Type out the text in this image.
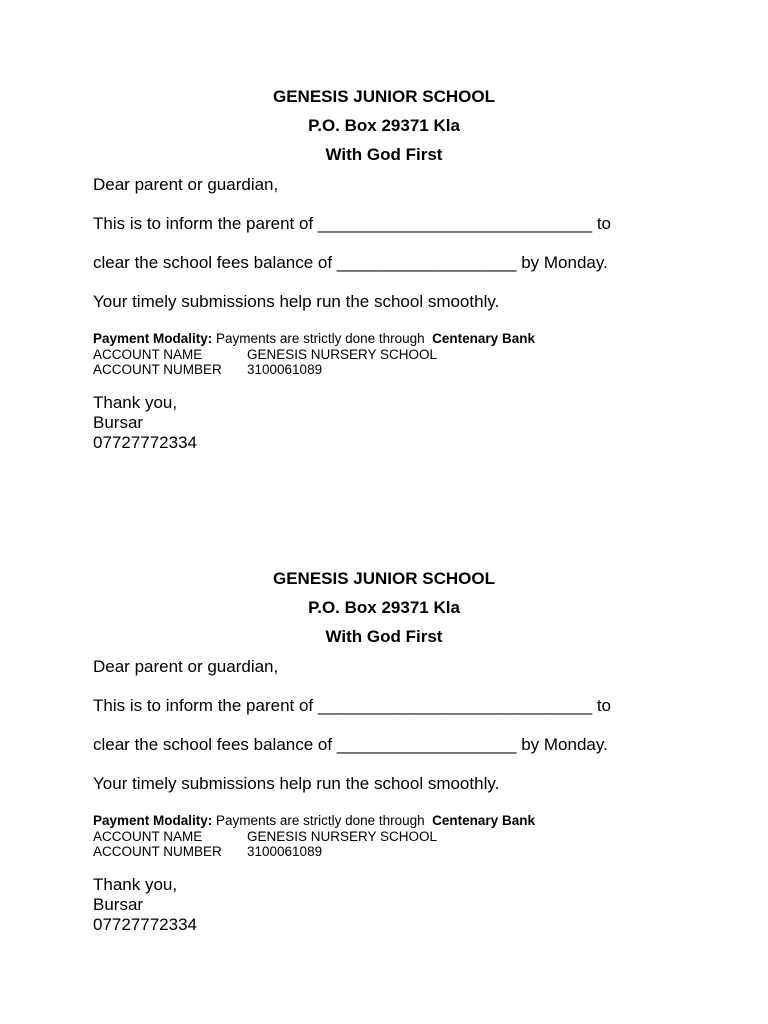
GENESIS JUNIOR SCHOOL

P.O. Box 29371 Kla

With God First

Dear parent or guardian,

This is to inform the parent of _____________________________ to

clear the school fees balance of ___________________ by Monday.

Your timely submissions help run the school smoothly.

Payment Modality: Payments are strictly done through Centenary Bank
ACCOUNT NAME	GENESIS NURSERY SCHOOL
ACCOUNT NUMBER 3100061089
Thank you,
Bursar
07727772334

GENESIS JUNIOR SCHOOL

P.O. Box 29371 Kla

With God First

Dear parent or guardian,

This is to inform the parent of _____________________________ to

clear the school fees balance of ___________________ by Monday.

Your timely submissions help run the school smoothly.

Payment Modality: Payments are strictly done through Centenary Bank
ACCOUNT NAME	GENESIS NURSERY SCHOOL
ACCOUNT NUMBER 3100061089
Thank you,
Bursar
07727772334
